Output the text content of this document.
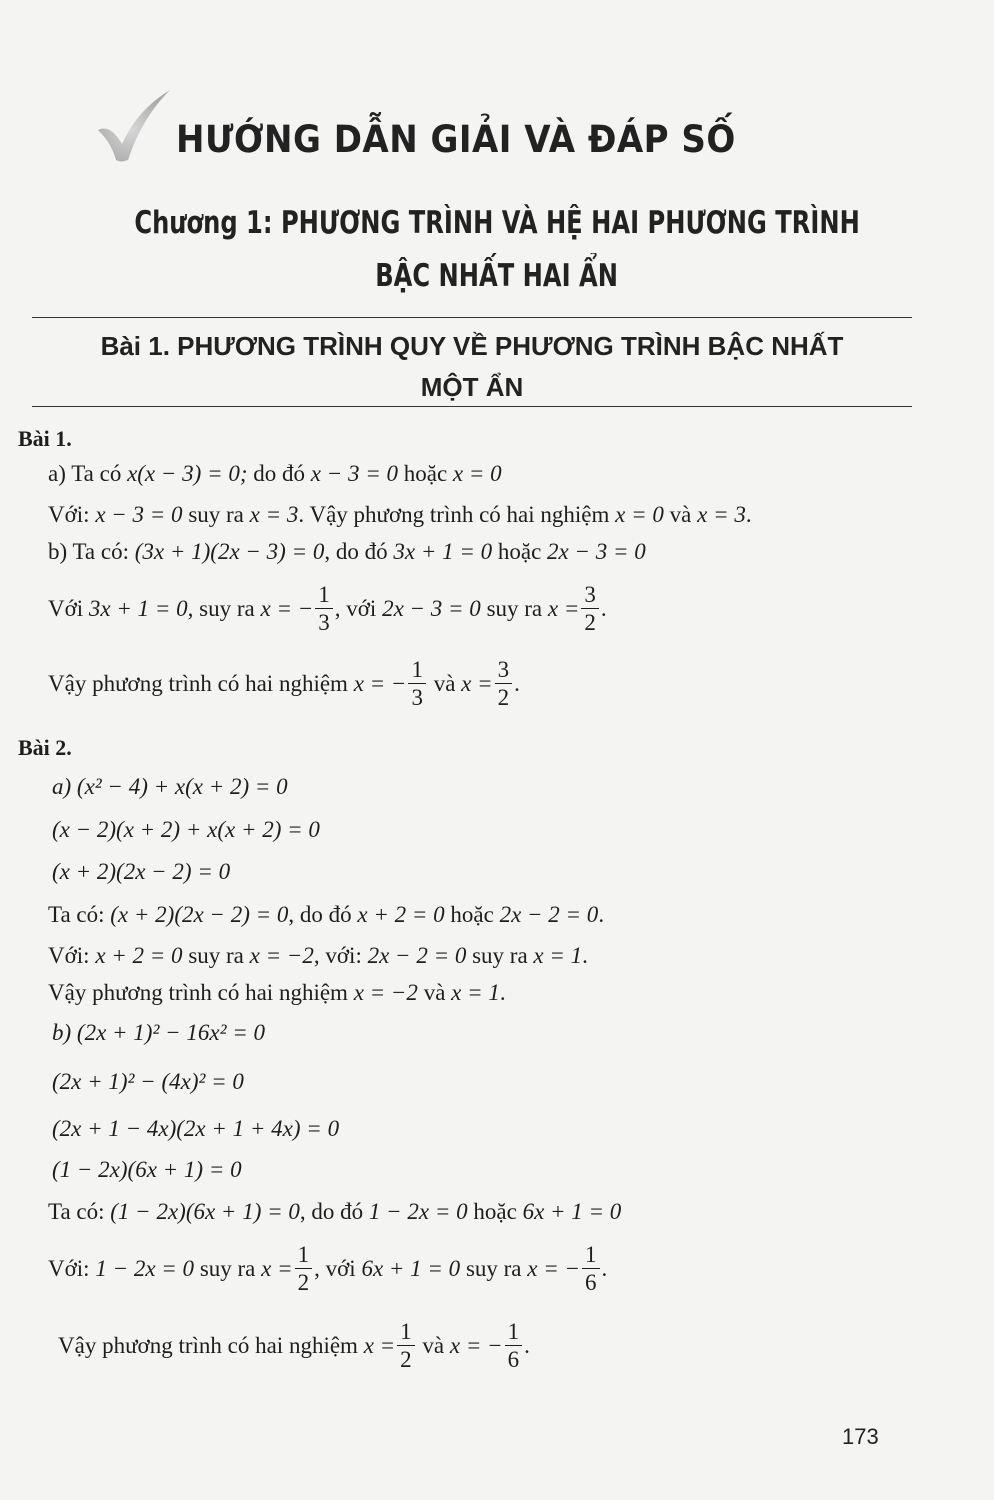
HƯỚNG DẪN GIẢI VÀ ĐÁP SỐ
Chương 1: PHƯƠNG TRÌNH VÀ HỆ HAI PHƯƠNG TRÌNH
BẬC NHẤT HAI ẨN
Bài 1. PHƯƠNG TRÌNH QUY VỀ PHƯƠNG TRÌNH BẬC NHẤT
MỘT ẨN
Bài 1.
a) Ta có x(x − 3) = 0; do đó x − 3 = 0 hoặc x = 0
Với: x − 3 = 0 suy ra x = 3. Vậy phương trình có hai nghiệm x = 0 và x = 3.
b) Ta có: (3x + 1)(2x − 3) = 0, do đó 3x + 1 = 0 hoặc 2x − 3 = 0
Với 3x + 1 = 0, suy ra x = − $\frac{1}{3}$ , với 2x − 3 = 0 suy ra $x = \frac{3}{2}$ .
Vậy phương trình có hai nghiệm x = − $\frac{1}{3}$ và $x = \frac{3}{2}$ .
Bài 2.
a) (x² − 4) + x(x + 2) = 0
(x − 2)(x + 2) + x(x + 2) = 0
(x + 2)(2x − 2) = 0
Ta có: (x + 2)(2x − 2) = 0, do đó x + 2 = 0 hoặc 2x − 2 = 0.
Với: x + 2 = 0 suy ra x = −2, với: 2x − 2 = 0 suy ra x = 1.
Vậy phương trình có hai nghiệm x = −2 và x = 1.
b) (2x + 1)² − 16x² = 0
(2x + 1)² − (4x)² = 0
(2x + 1 − 4x)(2x + 1 + 4x) = 0
(1 − 2x)(6x + 1) = 0
Ta có: (1 − 2x)(6x + 1) = 0, do đó 1 − 2x = 0 hoặc 6x + 1 = 0
Với: 1 − 2x = 0 suy ra $x = \frac{1}{2}$ , với 6x + 1 = 0 suy ra x = − $\frac{1}{6}$ .
Vậy phương trình có hai nghiệm $x = \frac{1}{2}$ và x = − $\frac{1}{6}$ .
173
